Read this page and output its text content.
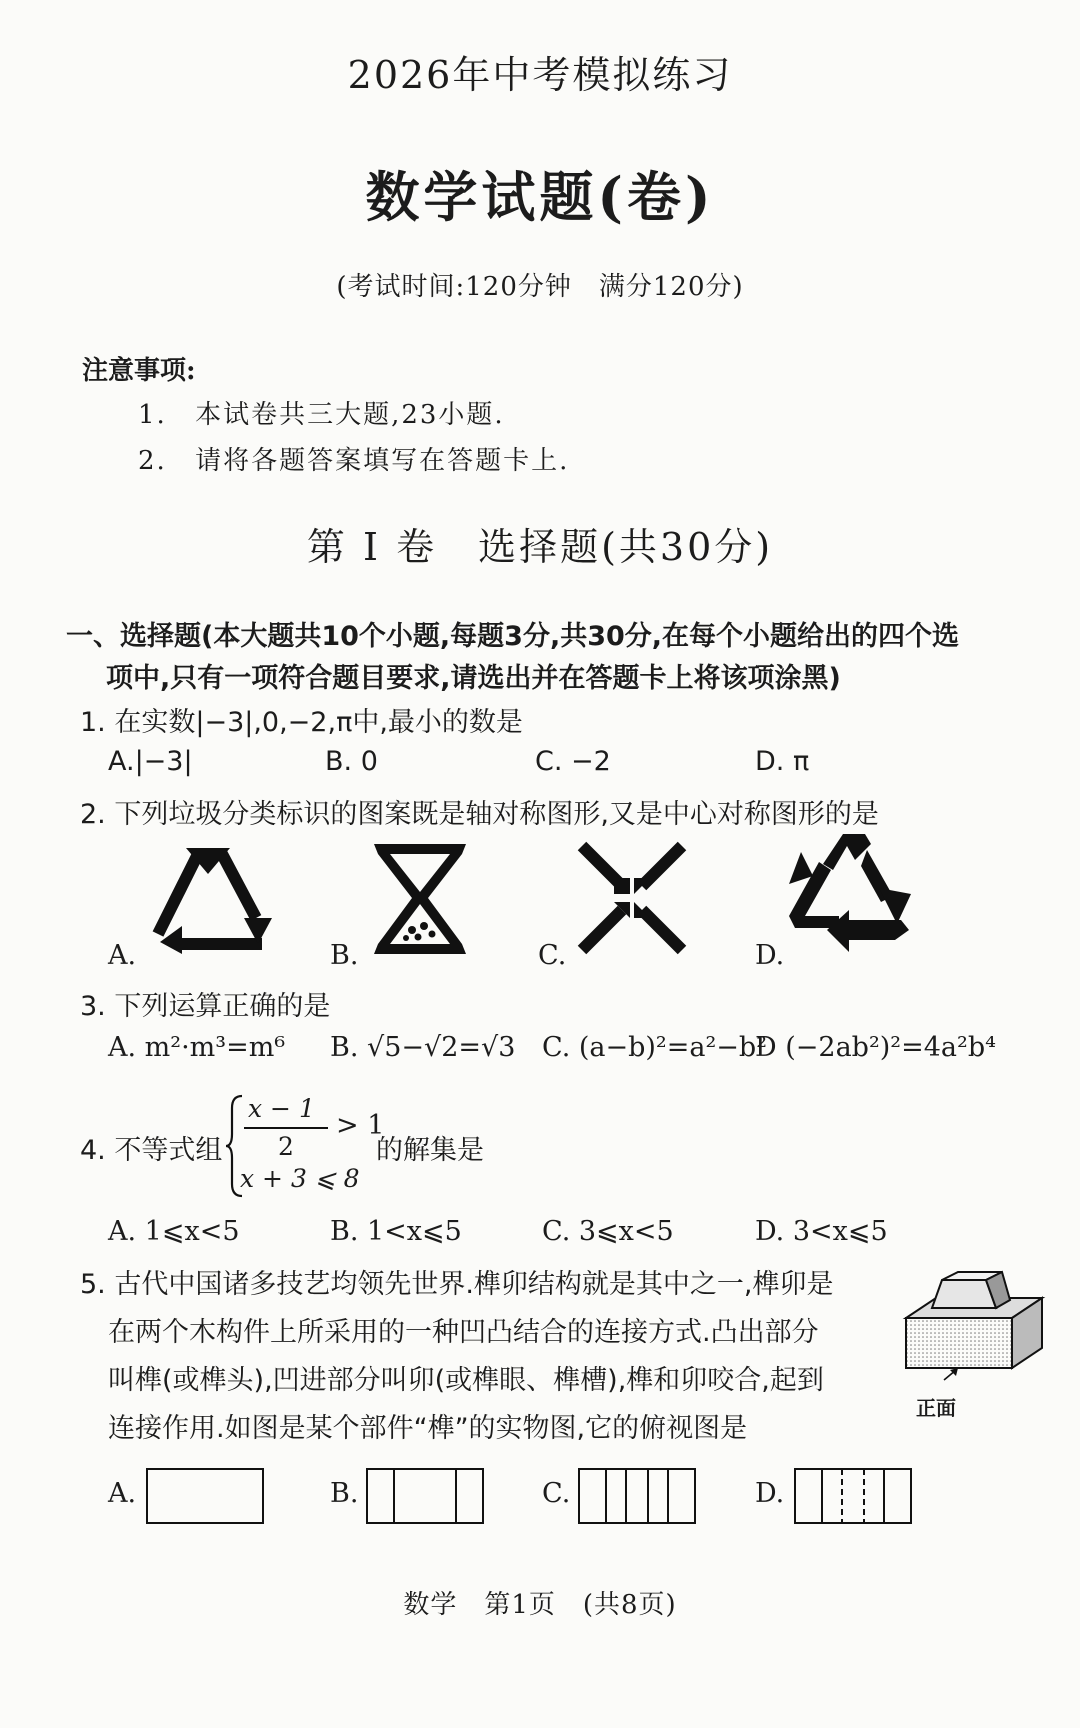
2026年中考模拟练习
数学试题(卷)
(考试时间:120分钟　满分120分)
注意事项:
1. 本试卷共三大题,23小题.
2. 请将各题答案填写在答题卡上.
第 I 卷　选择题(共30分)
一、选择题(本大题共10个小题,每题3分,共30分,在每个小题给出的四个选
项中,只有一项符合题目要求,请选出并在答题卡上将该项涂黑)
1. 在实数|−3|,0,−2,π中,最小的数是
A.|−3|	B. 0	C. −2	D. π
2. 下列垃圾分类标识的图案既是轴对称图形,又是中心对称图形的是
A.	B.	C.	D.
3. 下列运算正确的是
A. m²·m³=m⁶ B. √5−√2=√3 C. (a−b)²=a²−b²
D (−2ab²)²=4a²b⁴
4. 不等式组
x − 1
2
> 1
x + 3 ⩽ 8
的解集是
A. 1⩽x<5	B. 1<x⩽5	C. 3⩽x<5	D. 3<x⩽5
5. 古代中国诸多技艺均领先世界.榫卯结构就是其中之一,榫卯是
在两个木构件上所采用的一种凹凸结合的连接方式.凸出部分
叫榫(或榫头),凹进部分叫卯(或榫眼、榫槽),榫和卯咬合,起到
连接作用.如图是某个部件“榫”的实物图,它的俯视图是
正面
A.	B.	C.	D.
数学　第1页　(共8页)
